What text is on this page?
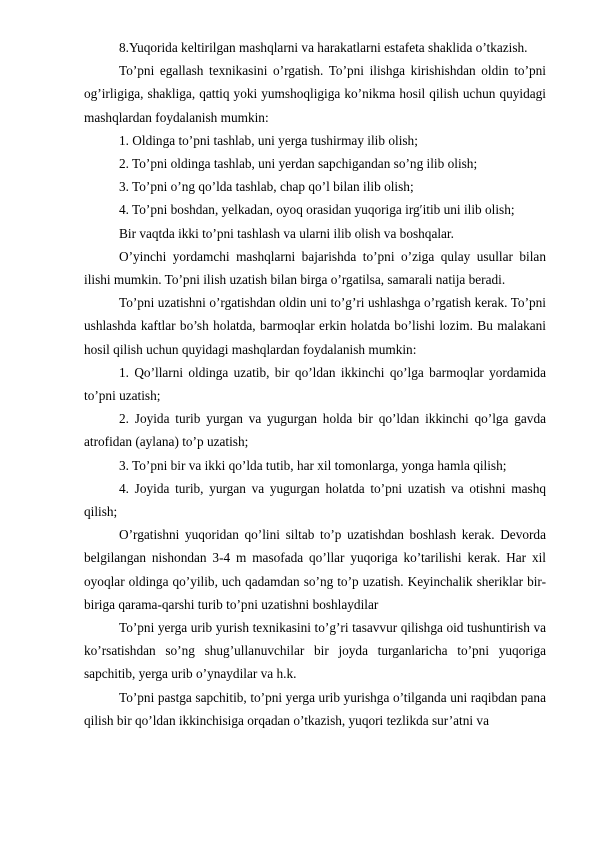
8.Yuqorida keltirilgan mashqlarni va harakatlarni estafeta shaklida o’tkazish.

To’pni egallash texnikasini o’rgatish. To’pni ilishga kirishishdan oldin to’pni og’irligiga, shakliga, qattiq yoki yumshoqligiga ko’nikma hosil qilish uchun quyidagi mashqlardan foydalanish mumkin:

1. Oldinga to’pni tashlab, uni yerga tushirmay ilib olish;

2. To’pni oldinga tashlab, uni yerdan sapchigandan so’ng ilib olish;

3. To’pni o’ng qo’lda tashlab, chap qo’l bilan ilib olish;

4. To’pni boshdan, yelkadan, oyoq orasidan yuqoriga irg′itib uni ilib olish;

Bir vaqtda ikki to’pni tashlash va ularni ilib olish va boshqalar.

O’yinchi yordamchi mashqlarni bajarishda to’pni o’ziga qulay usullar bilan ilishi mumkin. To’pni ilish uzatish bilan birga o’rgatilsa, samarali natija beradi.

To’pni uzatishni o’rgatishdan oldin uni to’g’ri ushlashga o’rgatish kerak. To’pni ushlashda kaftlar bo’sh holatda, barmoqlar erkin holatda bo’lishi lozim. Bu malakani hosil qilish uchun quyidagi mashqlardan foydalanish mumkin:

1. Qo’llarni oldinga uzatib, bir qo’ldan ikkinchi qo’lga barmoqlar yordamida to’pni uzatish;

2. Joyida turib yurgan va yugurgan holda bir qo’ldan ikkinchi qo’lga gavda atrofidan (aylana) to’p uzatish;

3. To’pni bir va ikki qo’lda tutib, har xil tomonlarga, yonga hamla qilish;

4. Joyida turib, yurgan va yugurgan holatda to’pni uzatish va otishni mashq qilish;

O’rgatishni yuqoridan qo’lini siltab to’p uzatishdan boshlash kerak. Devorda belgilangan nishondan 3-4 m masofada qo’llar yuqoriga ko’tarilishi kerak. Har xil oyoqlar oldinga qo’yilib, uch qadamdan so’ng to’p uzatish. Keyinchalik sheriklar bir-biriga qarama-qarshi turib to’pni uzatishni boshlaydilar

To’pni yerga urib yurish texnikasini to’g’ri tasavvur qilishga oid tushuntirish va ko’rsatishdan so’ng shug’ullanuvchilar bir joyda turganlaricha to’pni yuqoriga sapchitib, yerga urib o’ynaydilar va h.k.

To’pni pastga sapchitib, to’pni yerga urib yurishga o’tilganda uni raqibdan pana qilish bir qo’ldan ikkinchisiga orqadan o’tkazish, yuqori tezlikda sur’atni va
